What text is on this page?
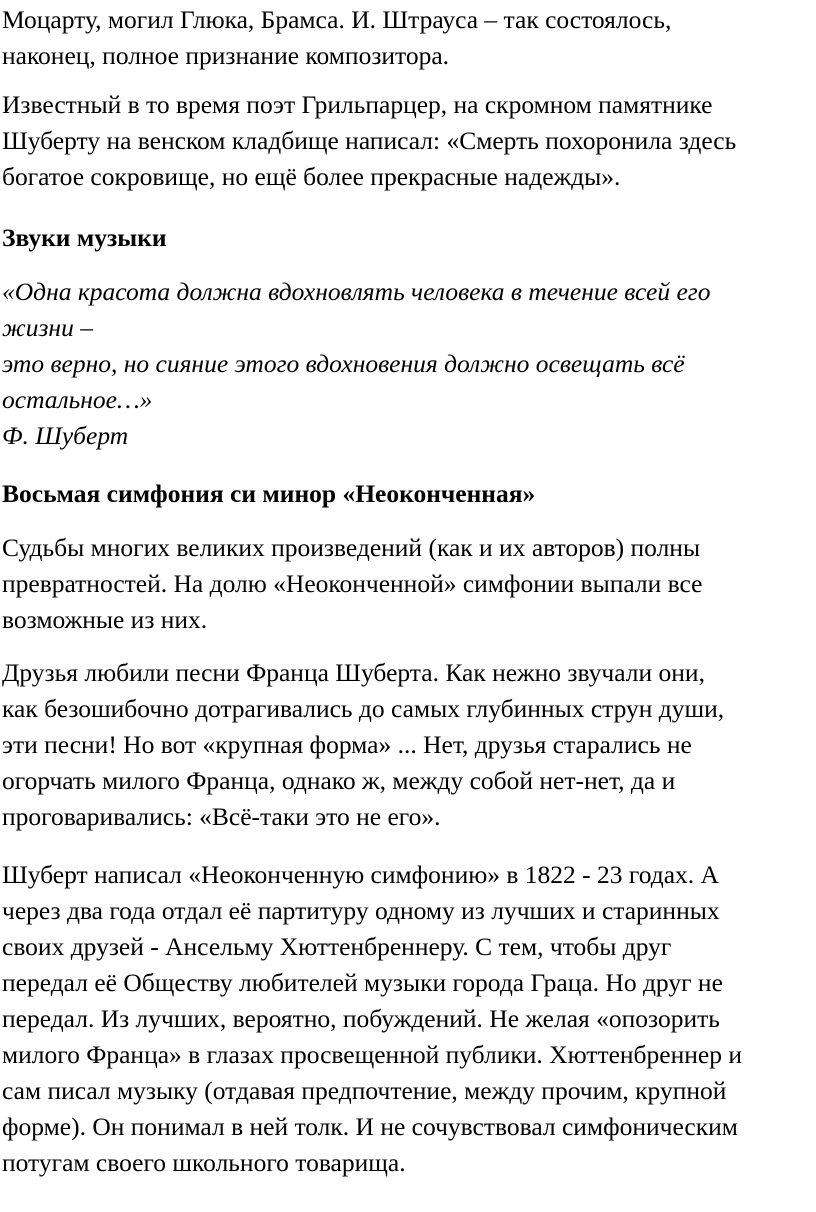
Моцарту, могил Глюка, Брамса. И. Штрауса – так состоялось,
наконец, полное признание композитора.

Известный в то время поэт Грильпарцер, на скромном памятнике
Шуберту на венском кладбище написал: «Смерть похоронила здесь
богатое сокровище, но ещё более прекрасные надежды».

Звуки музыки

«Одна красота должна вдохновлять человека в течение всей его
жизни –
это верно, но сияние этого вдохновения должно освещать всё
остальное…»
Ф. Шуберт

Восьмая симфония си минор «Неоконченная»

Судьбы многих великих произведений (как и их авторов) полны
превратностей. На долю «Неоконченной» симфонии выпали все
возможные из них.

Друзья любили песни Франца Шуберта. Как нежно звучали они,
как безошибочно дотрагивались до самых глубинных струн души,
эти песни! Но вот «крупная форма» ... Нет, друзья старались не
огорчать милого Франца, однако ж, между собой нет-нет, да и
проговаривались: «Всё-таки это не его».

Шуберт написал «Неоконченную симфонию» в 1822 - 23 годах. А
через два года отдал её партитуру одному из лучших и старинных
своих друзей - Ансельму Хюттенбреннеру. С тем, чтобы друг
передал её Обществу любителей музыки города Граца. Но друг не
передал. Из лучших, вероятно, побуждений. Не желая «опозорить
милого Франца» в глазах просвещенной публики. Хюттенбреннер и
сам писал музыку (отдавая предпочтение, между прочим, крупной
форме). Он понимал в ней толк. И не сочувствовал симфоническим
потугам своего школьного товарища.
